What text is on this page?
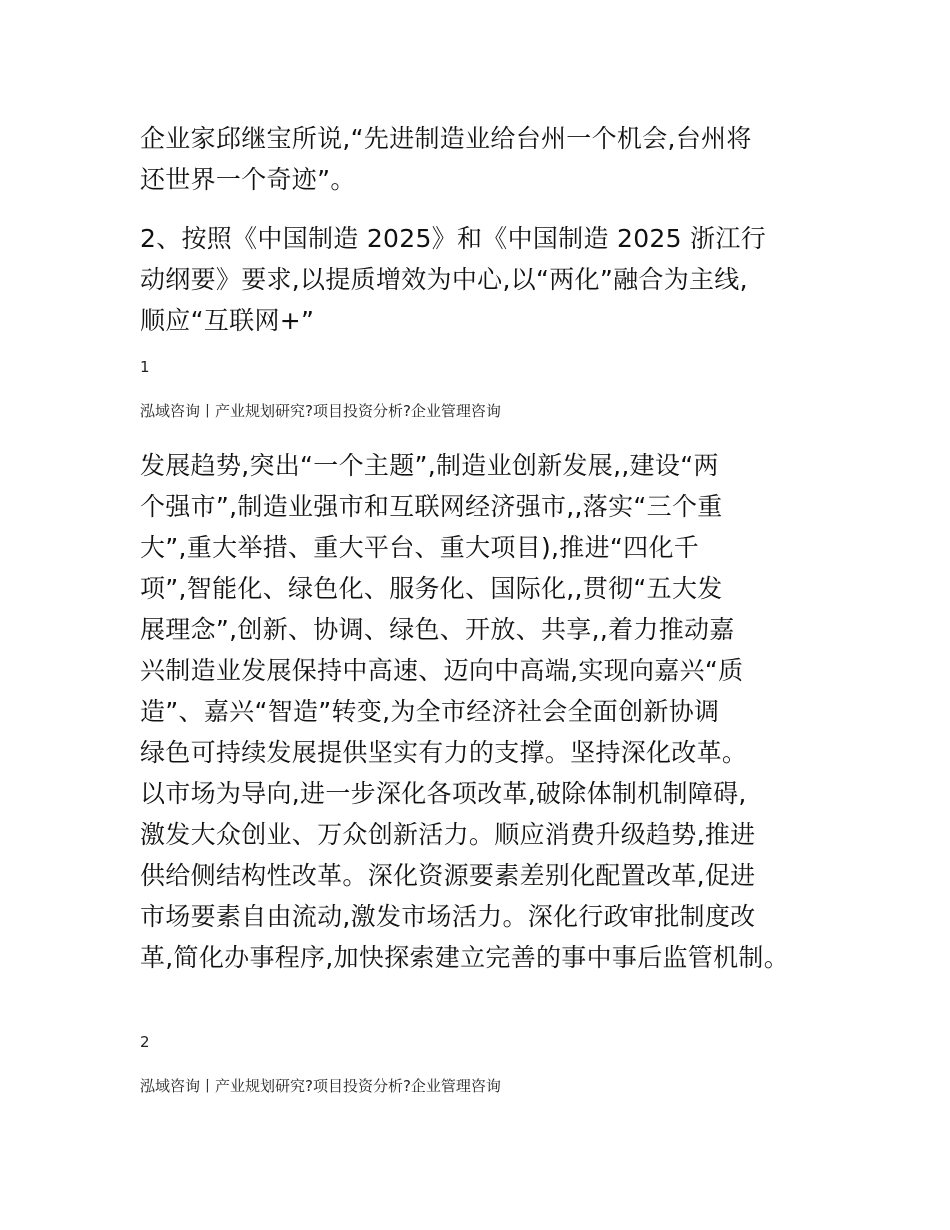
企业家邱继宝所说,“先进制造业给台州一个机会,台州将
还世界一个奇迹”。
2、按照《中国制造 2025》和《中国制造 2025 浙江行
动纲要》要求,以提质增效为中心,以“两化”融合为主线,
顺应“互联网+”

1

泓域咨询丨产业规划研究?项目投资分析?企业管理咨询

发展趋势,突出“一个主题”,制造业创新发展,,建设“两
个强市”,制造业强市和互联网经济强市,,落实“三个重
大”,重大举措、重大平台、重大项目),推进“四化千
项”,智能化、绿色化、服务化、国际化,,贯彻“五大发
展理念”,创新、协调、绿色、开放、共享,,着力推动嘉
兴制造业发展保持中高速、迈向中高端,实现向嘉兴“质
造”、嘉兴“智造”转变,为全市经济社会全面创新协调
绿色可持续发展提供坚实有力的支撑。坚持深化改革。
以市场为导向,进一步深化各项改革,破除体制机制障碍,
激发大众创业、万众创新活力。顺应消费升级趋势,推进
供给侧结构性改革。深化资源要素差别化配置改革,促进
市场要素自由流动,激发市场活力。深化行政审批制度改
革,简化办事程序,加快探索建立完善的事中事后监管机制。

2

泓域咨询丨产业规划研究?项目投资分析?企业管理咨询
